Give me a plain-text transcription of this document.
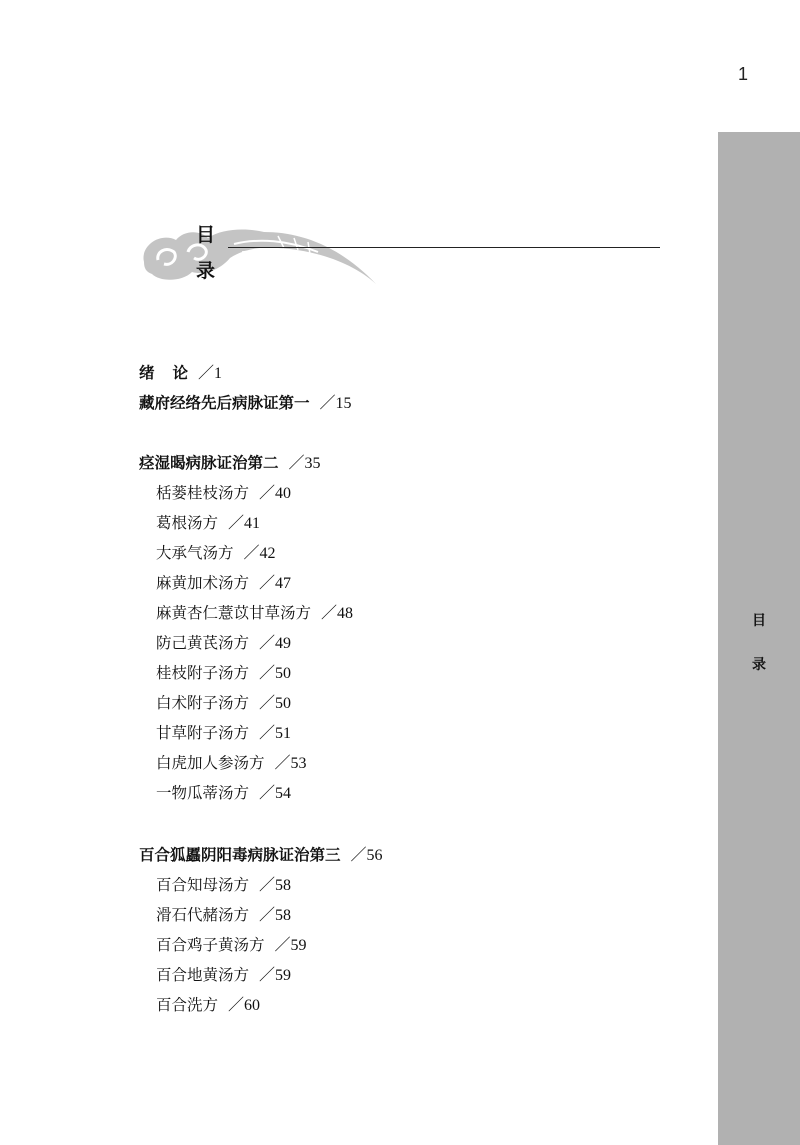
1
目
录
目
录
绪 论 ／1
藏府经络先后病脉证第一 ／15
痉湿暍病脉证治第二 ／35
栝蒌桂枝汤方 ／40
葛根汤方 ／41
大承气汤方 ／42
麻黄加术汤方 ／47
麻黄杏仁薏苡甘草汤方 ／48
防己黄芪汤方 ／49
桂枝附子汤方 ／50
白术附子汤方 ／50
甘草附子汤方 ／51
白虎加人参汤方 ／53
一物瓜蒂汤方 ／54
百合狐䘌阴阳毒病脉证治第三 ／56
百合知母汤方 ／58
滑石代赭汤方 ／58
百合鸡子黄汤方 ／59
百合地黄汤方 ／59
百合洗方 ／60
